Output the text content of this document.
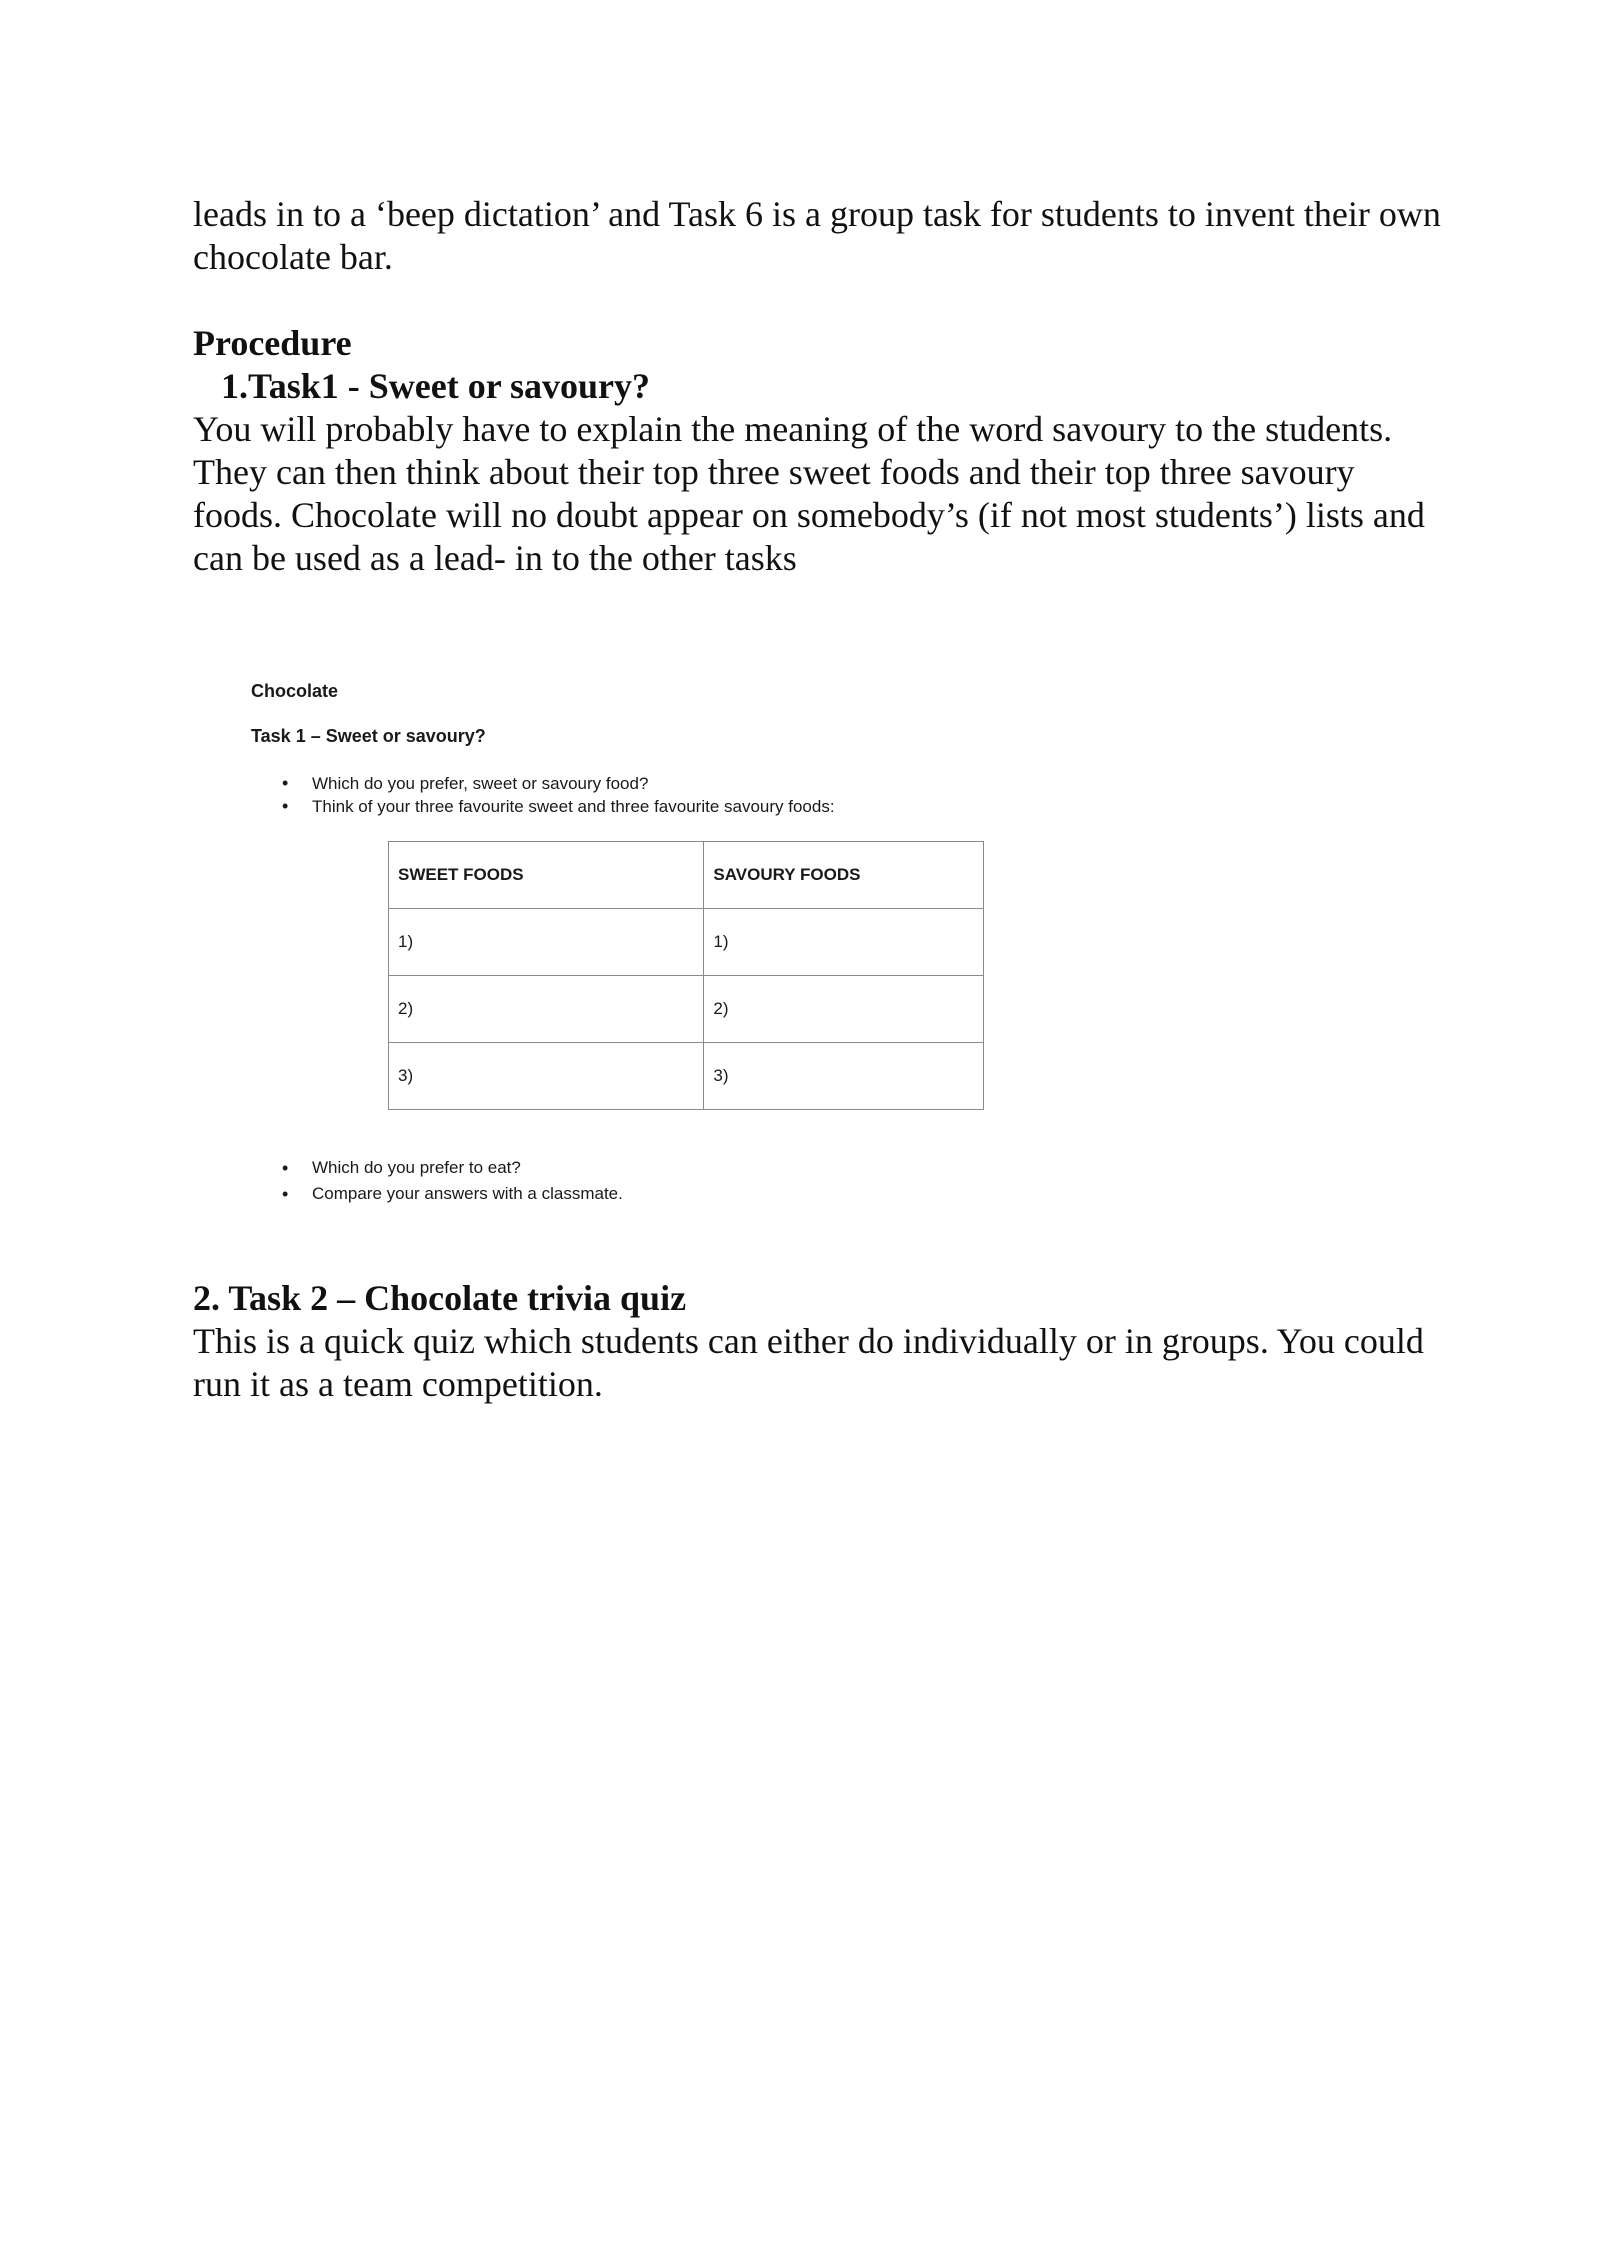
leads in to a ‘beep dictation’ and Task 6 is a group task for students to invent their own chocolate bar.

Procedure

1.Task1 - Sweet or savoury?

You will probably have to explain the meaning of the word savoury to the students. They can then think about their top three sweet foods and their top three savoury foods. Chocolate will no doubt appear on somebody’s (if not most students’) lists and can be used as a lead- in to the other tasks

Chocolate
Task 1 – Sweet or savoury?
• Which do you prefer, sweet or savoury food?
• Think of your three favourite sweet and three favourite savoury foods:
SWEET FOODS	SAVOURY FOODS
1)	1)
2)	2)
3)	3)
• Which do you prefer to eat?
• Compare your answers with a classmate.

2. Task 2 – Chocolate trivia quiz

This is a quick quiz which students can either do individually or in groups. You could run it as a team competition.
